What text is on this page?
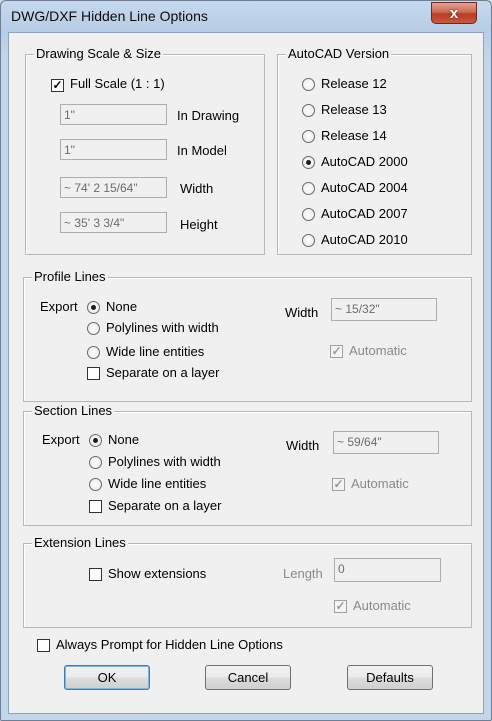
DWG/DXF Hidden Line Options	x
Drawing Scale & Size
✓ Full Scale (1 : 1)
1"	In Drawing
1"	In Model
~ 74' 2 15/64"	Width
~ 35' 3 3/4"	Height
AutoCAD Version
Release 12
Release 13
Release 14
AutoCAD 2000
AutoCAD 2004
AutoCAD 2007
AutoCAD 2010
Profile Lines
Export None
Polylines with width
Wide line entities
Separate on a layer
Width	~ 15/32"
✓ Automatic
Section Lines
Export None
Polylines with width
Wide line entities
Separate on a layer
Width	~ 59/64"
✓ Automatic
Extension Lines
Show extensions	Length	0
✓ Automatic
Always Prompt for Hidden Line Options
OK	Cancel	Defaults
